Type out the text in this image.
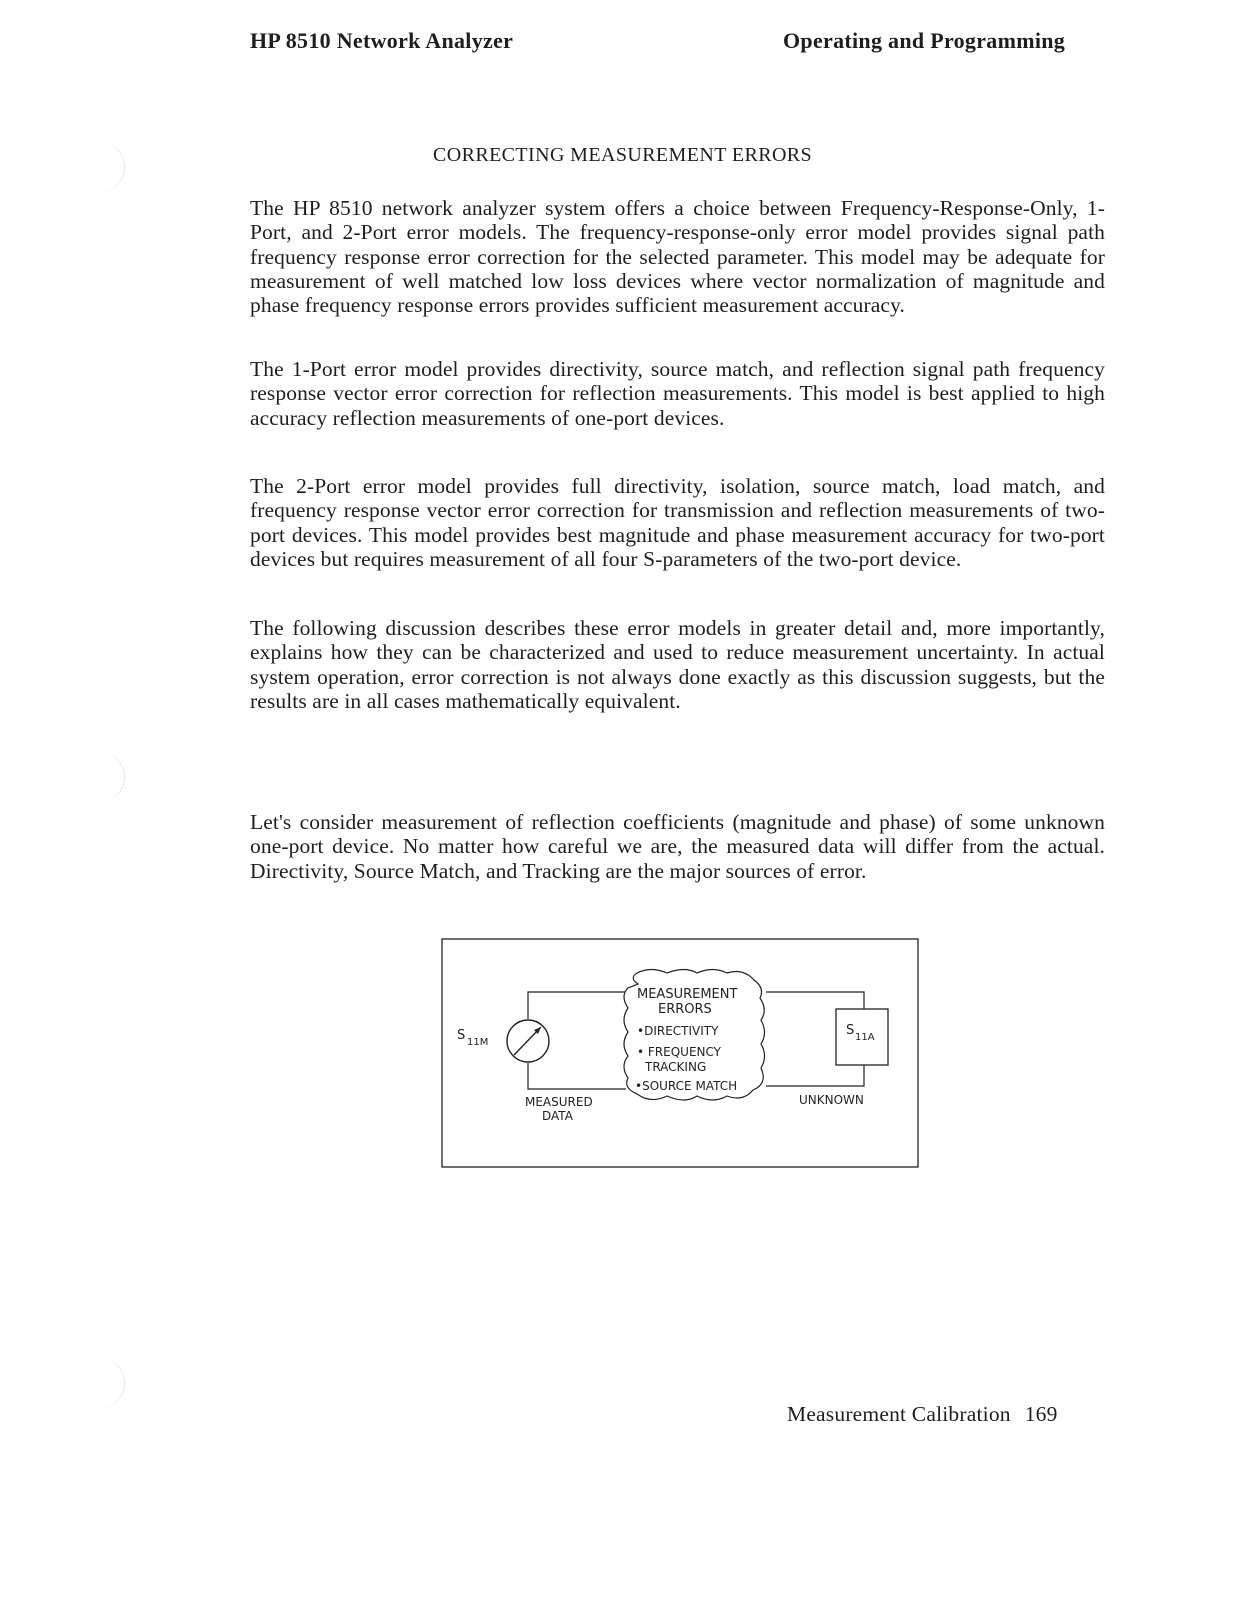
HP 8510 Network Analyzer	Operating and Programming
CORRECTING MEASUREMENT ERRORS

The HP 8510 network analyzer system offers a choice between Frequency-Response-Only, 1-Port, and 2-Port error models. The frequency-response-only error model provides signal path frequency response error correction for the selected parameter. This model may be adequate for measurement of well matched low loss devices where vector normalization of magnitude and phase frequency response errors provides sufficient measurement accuracy.

The 1-Port error model provides directivity, source match, and reflection signal path frequency response vector error correction for reflection measurements. This model is best applied to high accuracy reflection measurements of one-port devices.

The 2-Port error model provides full directivity, isolation, source match, load match, and frequency response vector error correction for transmission and reflection measurements of two-port devices. This model provides best magnitude and phase measurement accuracy for two-port devices but requires measurement of all four S-parameters of the two-port device.

The following discussion describes these error models in greater detail and, more importantly, explains how they can be characterized and used to reduce measurement uncertainty. In actual system operation, error correction is not always done exactly as this discussion suggests, but the results are in all cases mathematically equivalent.

Let's consider measurement of reflection coefficients (magnitude and phase) of some unknown one-port device. No matter how careful we are, the measured data will differ from the actual. Directivity, Source Match, and Tracking are the major sources of error.

S 11M
S 11A
MEASUREMENT
ERRORS
•DIRECTIVITY
• FREQUENCY
TRACKING
•SOURCE MATCH
MEASURED
DATA
UNKNOWN
Measurement Calibration 169
